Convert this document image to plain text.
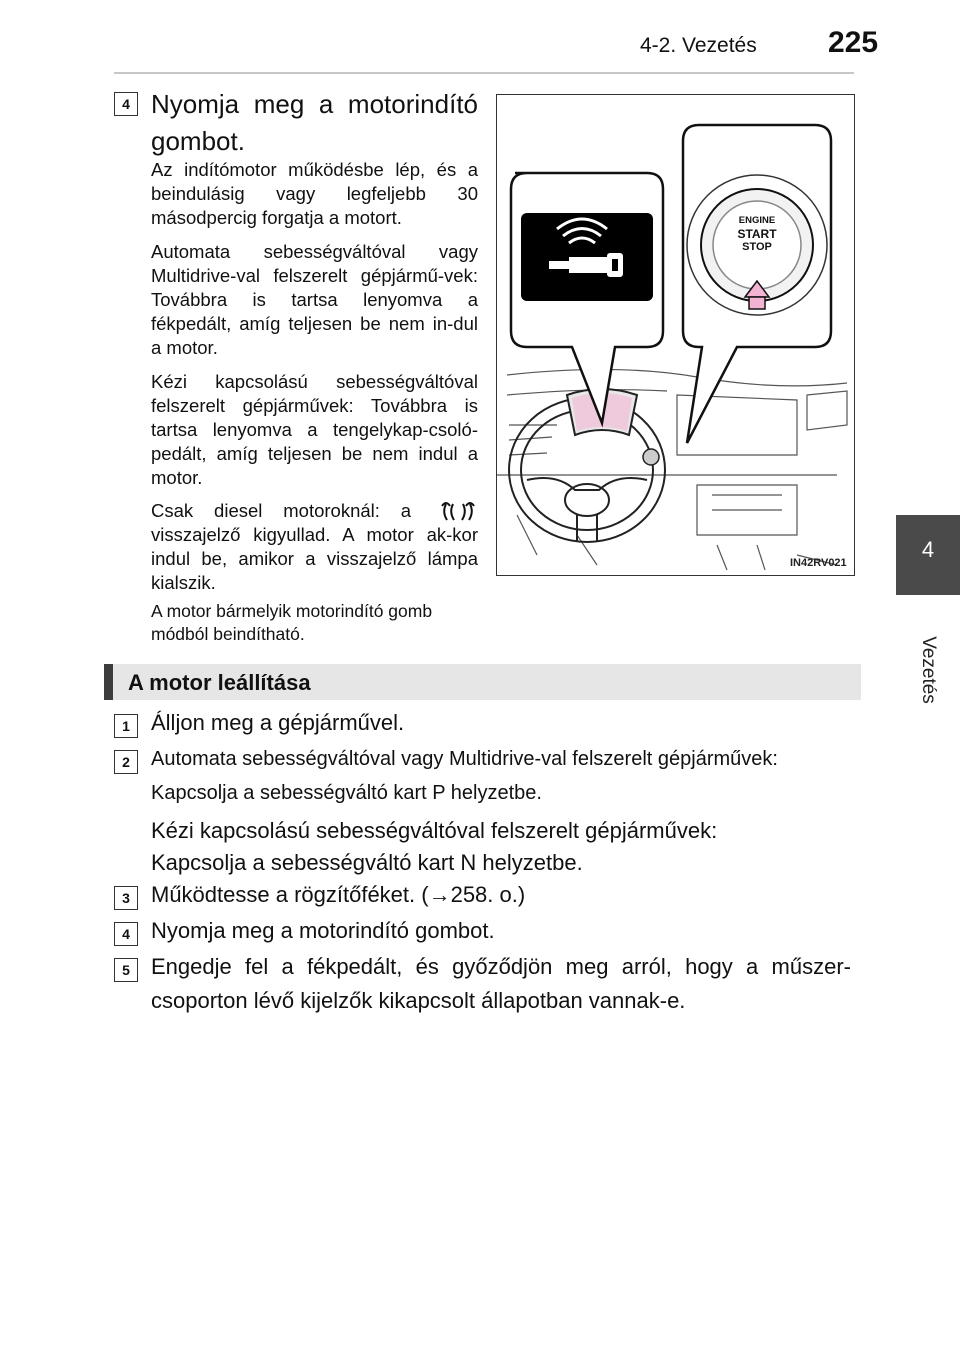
4-2. Vezetés 225
4
Vezetés
4 Nyomja meg a motorindító gombot.
Az indítómotor működésbe lép, és a beindulásig vagy legfeljebb 30 másodpercig forgatja a motort.
Automata sebességváltóval vagy Multidrive-val felszerelt gépjármű-vek: Továbbra is tartsa lenyomva a fékpedált, amíg teljesen be nem in-dul a motor.
Kézi kapcsolású sebességváltóval felszerelt gépjárművek: Továbbra is tartsa lenyomva a tengelykap-csoló-pedált, amíg teljesen be nem indul a motor.
Csak diesel motoroknál: a  visszajelző kigyullad. A motor ak-kor indul be, amikor a visszajelző lámpa kialszik.
A motor bármelyik motorindító gomb módból beindítható.
ENGINE
START
STOP
IN42RV021
A motor leállítása
1 Álljon meg a gépjárművel.
2	Automata sebességváltóval vagy Multidrive-val felszerelt gépjárművek:
Kapcsolja a sebességváltó kart P helyzetbe.
Kézi kapcsolású sebességváltóval felszerelt gépjárművek:
Kapcsolja a sebességváltó kart N helyzetbe.
3 Működtesse a rögzítőféket. (→258. o.)
4 Nyomja meg a motorindító gombot.
5 Engedje fel a fékpedált, és győződjön meg arról, hogy a műszer-csoporton lévő kijelzők kikapcsolt állapotban vannak-e.
